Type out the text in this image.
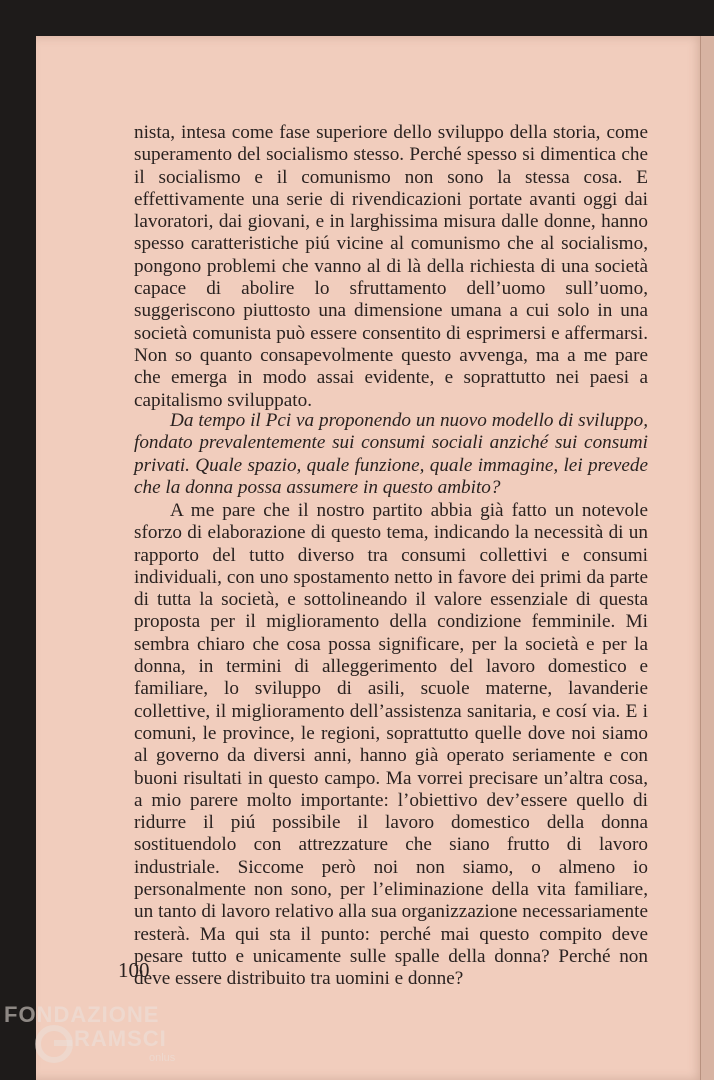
nista, intesa come fase superiore dello sviluppo della storia, come superamento del socialismo stesso. Perché spesso si dimentica che il socialismo e il comunismo non sono la stessa cosa. E effettivamente una serie di rivendicazioni portate avanti oggi dai lavoratori, dai giovani, e in larghissima misura dalle donne, hanno spesso caratteristiche piú vicine al comunismo che al socialismo, pongono problemi che vanno al di là della richiesta di una società capace di abolire lo sfruttamento dell’uomo sull’uomo, suggeriscono piuttosto una dimensione umana a cui solo in una società comunista può essere consentito di esprimersi e affermarsi. Non so quanto consapevolmente questo avvenga, ma a me pare che emerga in modo assai evidente, e soprattutto nei paesi a capitalismo sviluppato.

Da tempo il Pci va proponendo un nuovo modello di sviluppo, fondato prevalentemente sui consumi sociali anziché sui consumi privati. Quale spazio, quale funzione, quale immagine, lei prevede che la donna possa assumere in questo ambito?

A me pare che il nostro partito abbia già fatto un notevole sforzo di elaborazione di questo tema, indicando la necessità di un rapporto del tutto diverso tra consumi collettivi e consumi individuali, con uno spostamento netto in favore dei primi da parte di tutta la società, e sottolineando il valore essenziale di questa proposta per il miglioramento della condizione femminile. Mi sembra chiaro che cosa possa significare, per la società e per la donna, in termini di alleggerimento del lavoro domestico e familiare, lo sviluppo di asili, scuole materne, lavanderie collettive, il miglioramento dell’assistenza sanitaria, e cosí via. E i comuni, le province, le regioni, soprattutto quelle dove noi siamo al governo da diversi anni, hanno già operato seriamente e con buoni risultati in questo campo. Ma vorrei precisare un’altra cosa, a mio parere molto importante: l’obiettivo dev’essere quello di ridurre il piú possibile il lavoro domestico della donna sostituendolo con attrezzature che siano frutto di lavoro industriale. Siccome però noi non siamo, o almeno io personalmente non sono, per l’eliminazione della vita familiare, un tanto di lavoro relativo alla sua organizzazione necessariamente resterà. Ma qui sta il punto: perché mai questo compito deve pesare tutto e unicamente sulle spalle della donna? Perché non deve essere distribuito tra uomini e donne?

100
FONDAZIONE
RAMSCI
onlus
